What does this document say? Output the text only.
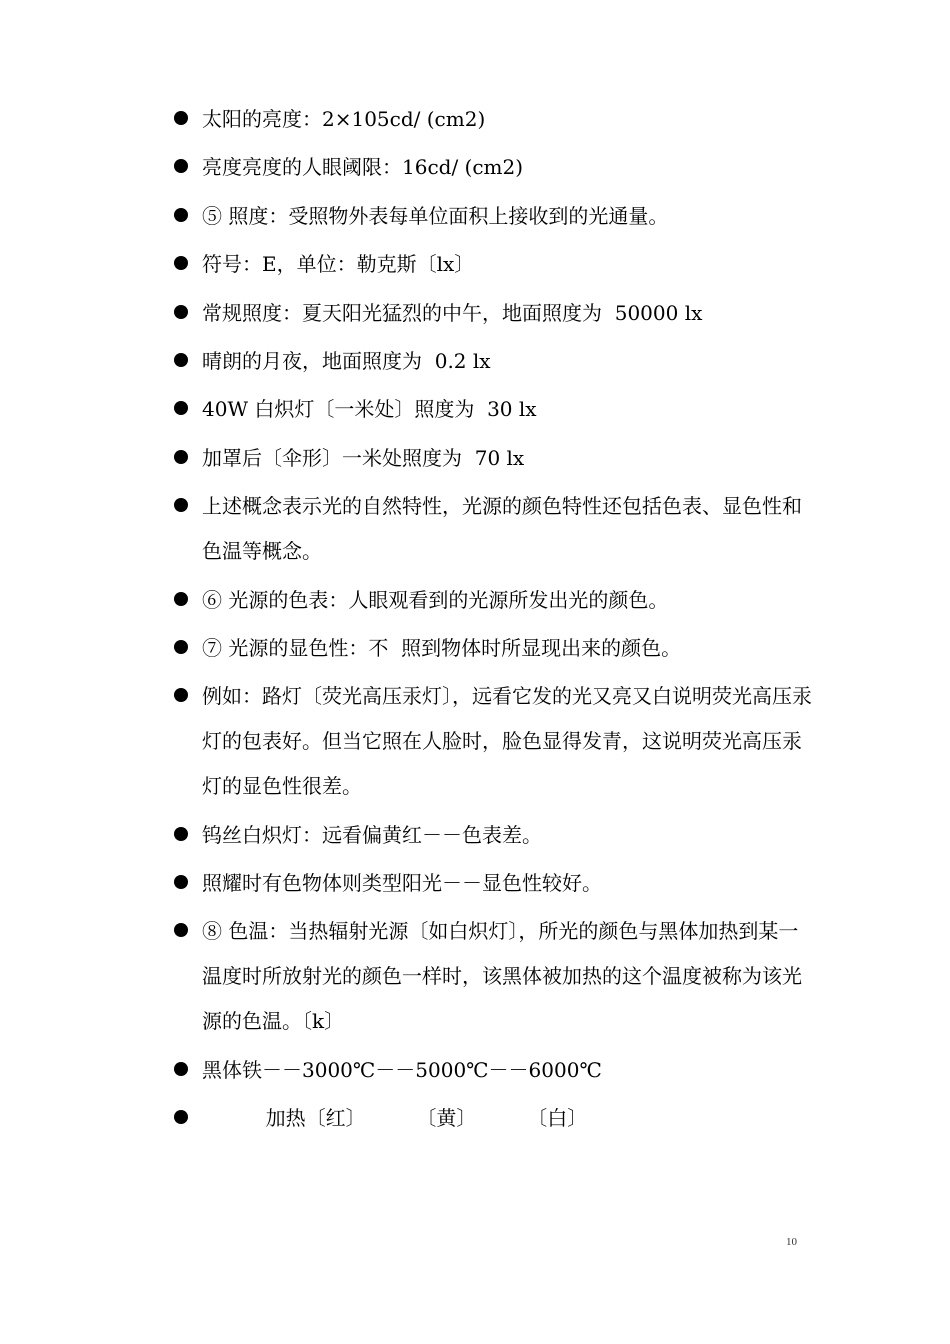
太阳的亮度：2×105cd/ (cm2)
亮度亮度的人眼阈限：16cd/ (cm2)
⑤ 照度：受照物外表每单位面积上接收到的光通量。
符号：E，单位：勒克斯〔lx〕
常规照度：夏天阳光猛烈的中午，地面照度为  50000 lx
晴朗的月夜，地面照度为  0.2 lx
40W 白炽灯〔一米处〕照度为  30 lx
加罩后〔伞形〕一米处照度为  70 lx
上述概念表示光的自然特性，光源的颜色特性还包括色表、显色性和色温等概念。
⑥ 光源的色表：人眼观看到的光源所发出光的颜色。
⑦ 光源的显色性：不  照到物体时所显现出来的颜色。
例如：路灯〔荧光高压汞灯〕，远看它发的光又亮又白说明荧光高压汞灯的包表好。但当它照在人脸时，脸色显得发青，这说明荧光高压汞灯的显色性很差。
钨丝白炽灯：远看偏黄红－－色表差。
照耀时有色物体则类型阳光－－显色性较好。
⑧ 色温：当热辐射光源〔如白炽灯〕，所光的颜色与黑体加热到某一温度时所放射光的颜色一样时，该黑体被加热的这个温度被称为该光源的色温。〔k〕
黑体铁－－3000℃－－5000℃－－6000℃
加热〔红〕        〔黄〕        〔白〕
10
